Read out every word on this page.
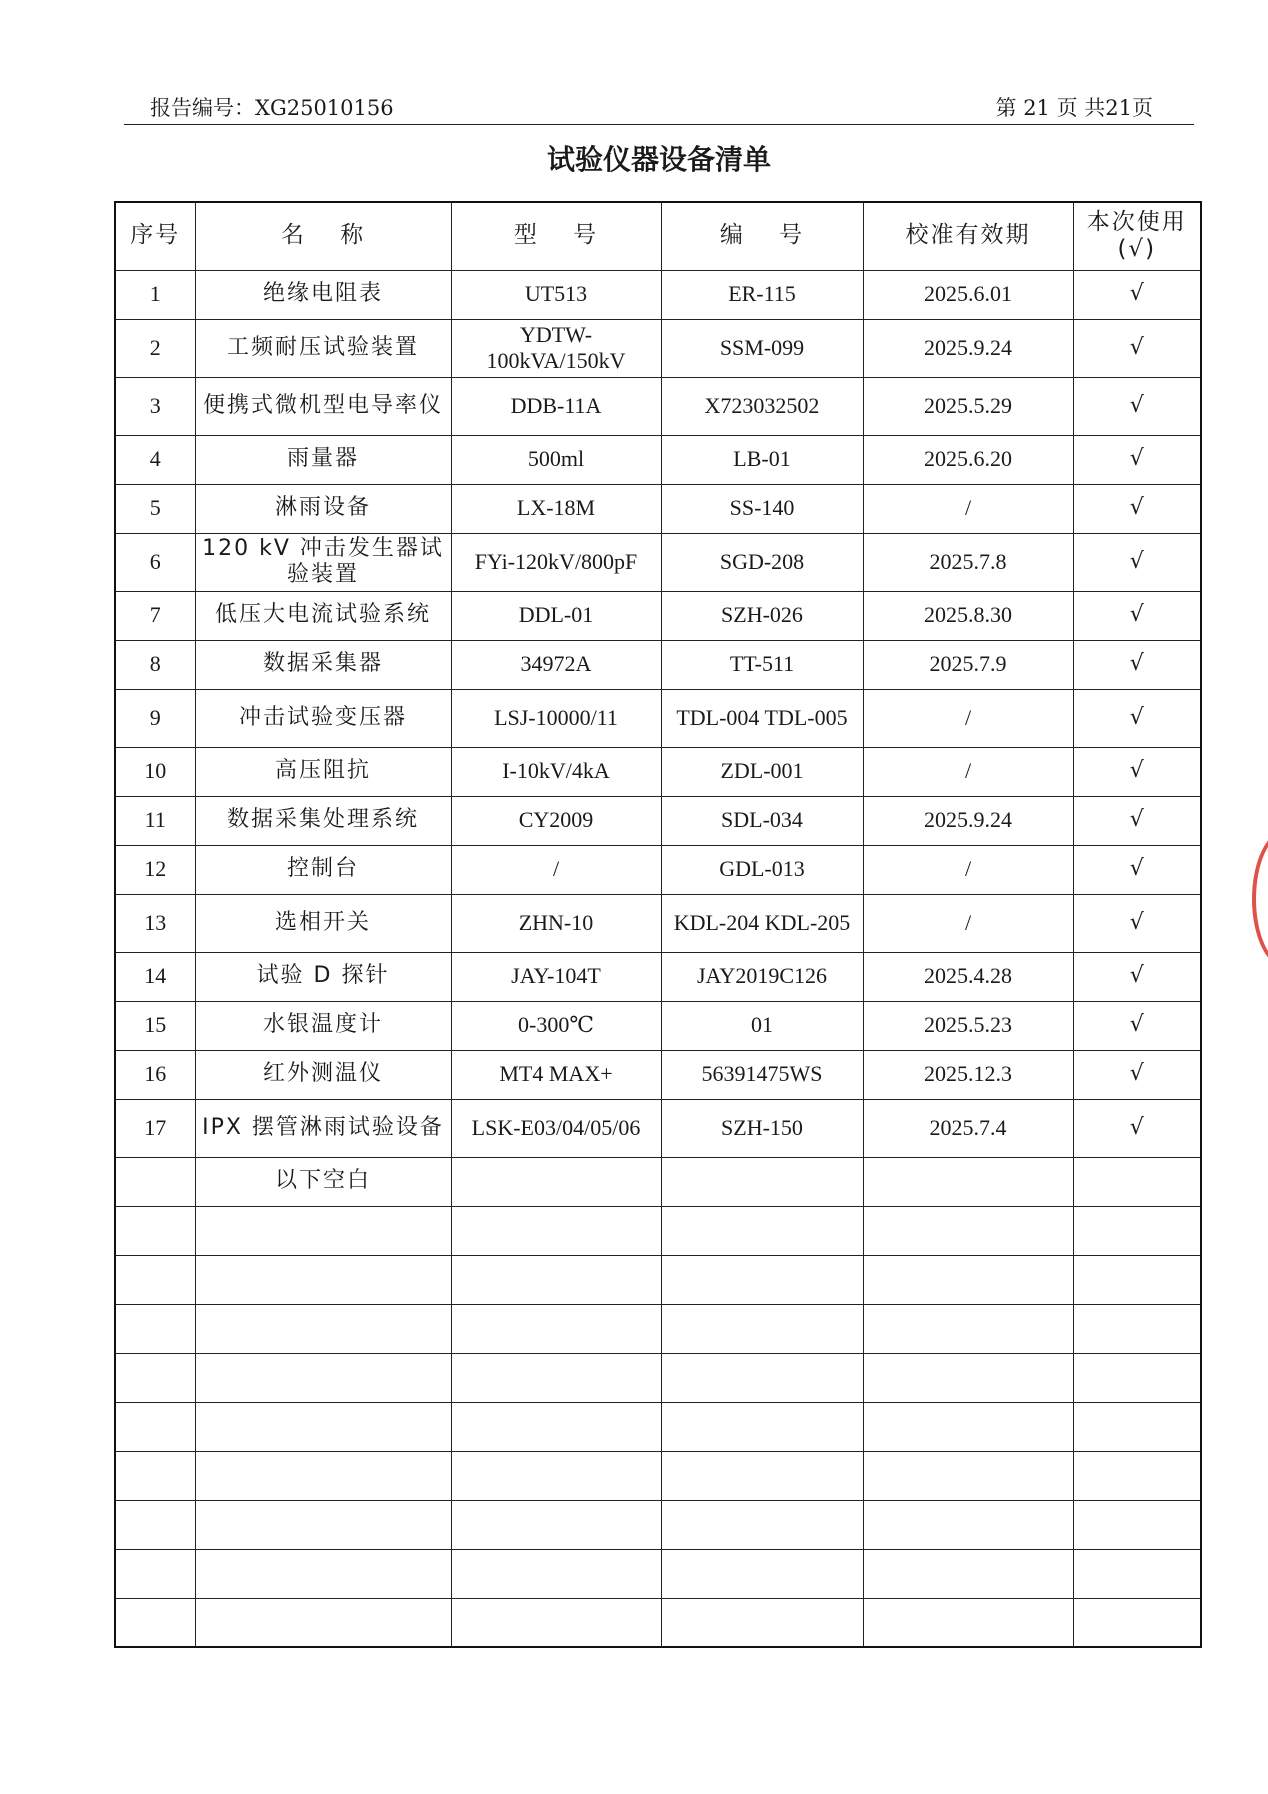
报告编号：XG25010156	第 21 页 共21页
试验仪器设备清单
序号	名　 称	型　 号	编　 号	校准有效期	本次使用 (√)
1	绝缘电阻表	UT513	ER-115	2025.6.01	√
2	工频耐压试验装置	YDTW-100kVA/150kV	SSM-099	2025.9.24	√
3	便携式微机型电导率仪	DDB-11A	X723032502	2025.5.29	√
4	雨量器	500ml	LB-01	2025.6.20	√
5	淋雨设备	LX-18M	SS-140	/	√
6	120 kV 冲击发生器试验装置	FYi-120kV/800pF	SGD-208	2025.7.8	√
7	低压大电流试验系统	DDL-01	SZH-026	2025.8.30	√
8	数据采集器	34972A	TT-511	2025.7.9	√
9	冲击试验变压器	LSJ-10000/11	TDL-004 TDL-005	/	√
10	高压阻抗	I-10kV/4kA	ZDL-001	/	√
11	数据采集处理系统	CY2009	SDL-034	2025.9.24	√
12	控制台	/	GDL-013	/	√
13	选相开关	ZHN-10	KDL-204 KDL-205	/	√
14	试验 D 探针	JAY-104T	JAY2019C126	2025.4.28	√
15	水银温度计	0-300℃	01	2025.5.23	√
16	红外测温仪	MT4 MAX+	56391475WS	2025.12.3	√
17	IPX 摆管淋雨试验设备	LSK-E03/04/05/06	SZH-150	2025.7.4	√
	以下空白				
